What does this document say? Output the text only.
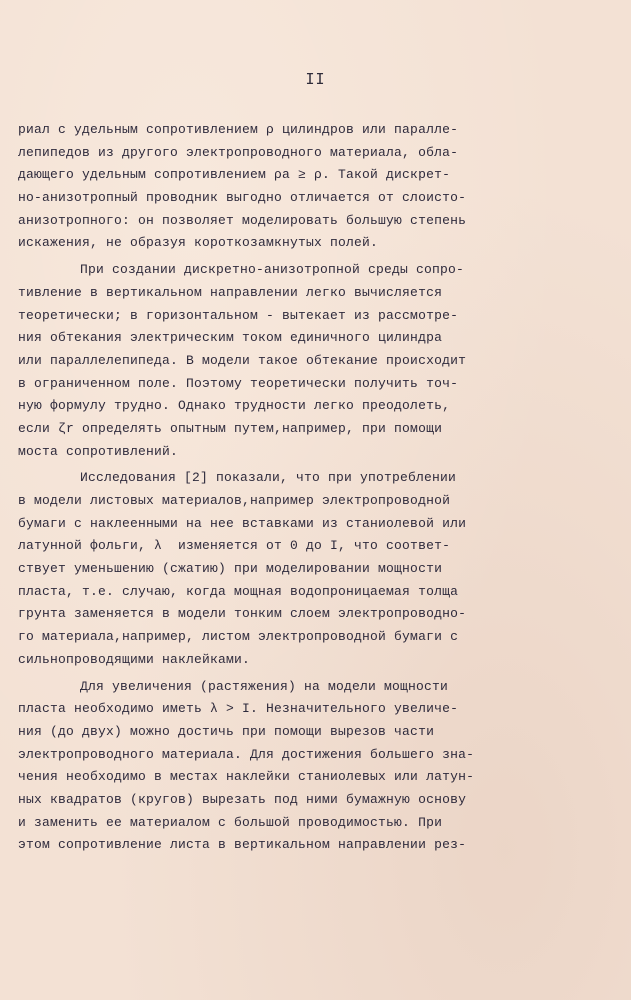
II
риал с удельным сопротивлением ρ цилиндров или паралле-
лепипедов из другого электропроводного материала, обла-
дающего удельным сопротивлением ρa ≥ ρ. Такой дискрет-
но-анизотропный проводник выгодно отличается от слоисто-
анизотропного: он позволяет моделировать большую степень
искажения, не образуя короткозамкнутых полей.
При создании дискретно-анизотропной среды сопро-
тивление в вертикальном направлении легко вычисляется
теоретически; в горизонтальном - вытекает из рассмотре-
ния обтекания электрическим током единичного цилиндра
или параллелепипеда. В модели такое обтекание происходит
в ограниченном поле. Поэтому теоретически получить точ-
ную формулу трудно. Однако трудности легко преодолеть,
если ζr определять опытным путем,например, при помощи
моста сопротивлений.
Исследования [2] показали, что при употреблении
в модели листовых материалов,например электропроводной
бумаги с наклеенными на нее вставками из станиолевой или
латунной фольги, λ  изменяется от 0 до I, что соответ-
ствует уменьшению (сжатию) при моделировании мощности
пласта, т.е. случаю, когда мощная водопроницаемая толща
грунта заменяется в модели тонким слоем электропроводно-
го материала,например, листом электропроводной бумаги с
сильнопроводящими наклейками.
Для увеличения (растяжения) на модели мощности
пласта необходимо иметь λ > I. Незначительного увеличе-
ния (до двух) можно достичь при помощи вырезов части
электропроводного материала. Для достижения большего зна-
чения необходимо в местах наклейки станиолевых или латун-
ных квадратов (кругов) вырезать под ними бумажную основу
и заменить ее материалом с большой проводимостью. При
этом сопротивление листа в вертикальном направлении рез-
